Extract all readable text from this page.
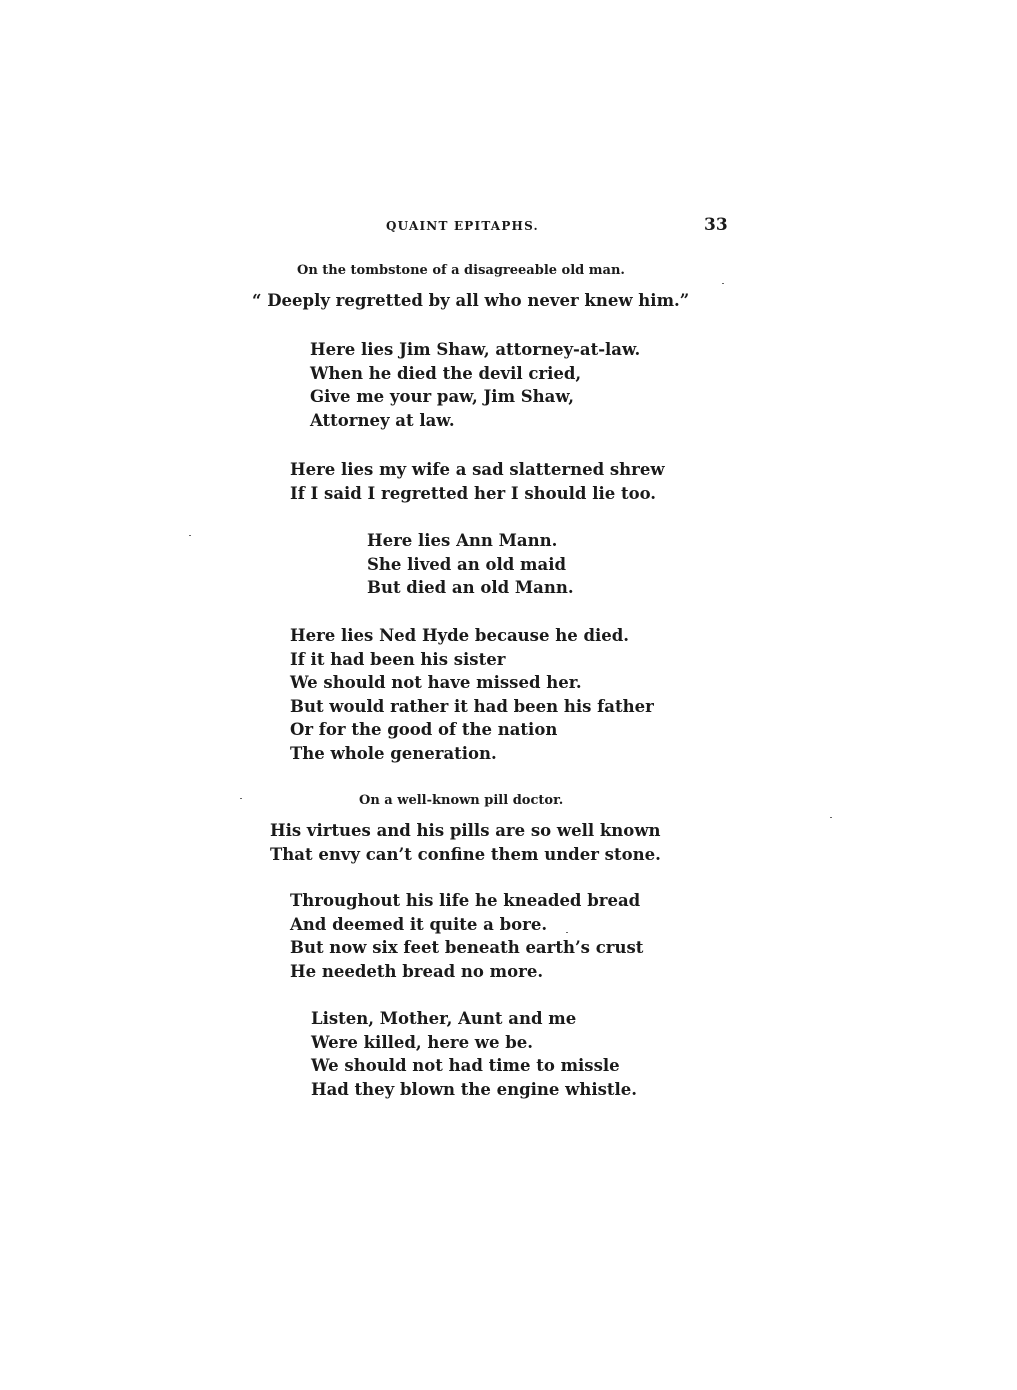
QUAINT EPITAPHS.	33
On the tombstone of a disagreeable old man.
“ Deeply regretted by all who never knew him.”
Here lies Jim Shaw, attorney-at-law.
When he died the devil cried,
Give me your paw, Jim Shaw,
Attorney at law.
Here lies my wife a sad slatterned shrew
If I said I regretted her I should lie too.
Here lies Ann Mann.
She lived an old maid
But died an old Mann.
Here lies Ned Hyde because he died.
If it had been his sister
We should not have missed her.
But would rather it had been his father
Or for the good of the nation
The whole generation.
On a well-known pill doctor.
His virtues and his pills are so well known
That envy can’t confine them under stone.
Throughout his life he kneaded bread
And deemed it quite a bore.
But now six feet beneath earth’s crust
He needeth bread no more.
Listen, Mother, Aunt and me
Were killed, here we be.
We should not had time to missle
Had they blown the engine whistle.
